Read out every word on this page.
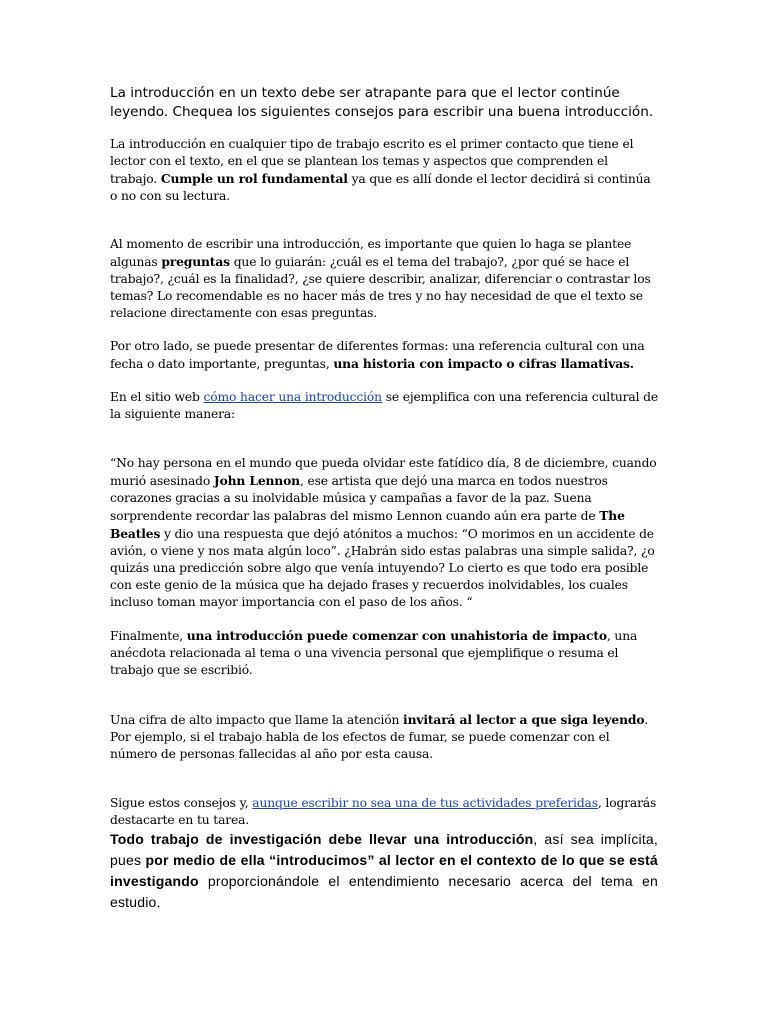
La introducción en un texto debe ser atrapante para que el lector continúe leyendo. Chequea los siguientes consejos para escribir una buena introducción.

La introducción en cualquier tipo de trabajo escrito es el primer contacto que tiene el lector con el texto, en el que se plantean los temas y aspectos que comprenden el trabajo. Cumple un rol fundamental ya que es allí donde el lector decidirá si continúa o no con su lectura.

Al momento de escribir una introducción, es importante que quien lo haga se plantee algunas preguntas que lo guiarán: ¿cuál es el tema del trabajo?, ¿por qué se hace el trabajo?, ¿cuál es la finalidad?, ¿se quiere describir, analizar, diferenciar o contrastar los temas? Lo recomendable es no hacer más de tres y no hay necesidad de que el texto se relacione directamente con esas preguntas.

Por otro lado, se puede presentar de diferentes formas: una referencia cultural con una fecha o dato importante, preguntas, una historia con impacto o cifras llamativas.

En el sitio web cómo hacer una introducción se ejemplifica con una referencia cultural de la siguiente manera:

“No hay persona en el mundo que pueda olvidar este fatídico día, 8 de diciembre, cuando murió asesinado John Lennon, ese artista que dejó una marca en todos nuestros corazones gracias a su inolvidable música y campañas a favor de la paz. Suena sorprendente recordar las palabras del mismo Lennon cuando aún era parte de The Beatles y dio una respuesta que dejó atónitos a muchos: “O morimos en un accidente de avión, o viene y nos mata algún loco”. ¿Habrán sido estas palabras una simple salida?, ¿o quizás una predicción sobre algo que venía intuyendo? Lo cierto es que todo era posible con este genio de la música que ha dejado frases y recuerdos inolvidables, los cuales incluso toman mayor importancia con el paso de los años. “

Finalmente, una introducción puede comenzar con unahistoria de impacto, una anécdota relacionada al tema o una vivencia personal que ejemplifique o resuma el trabajo que se escribió.

Una cifra de alto impacto que llame la atención invitará al lector a que siga leyendo. Por ejemplo, si el trabajo habla de los efectos de fumar, se puede comenzar con el número de personas fallecidas al año por esta causa.

Sigue estos consejos y, aunque escribir no sea una de tus actividades preferidas, lograrás destacarte en tu tarea.

Todo trabajo de investigación debe llevar una introducción, así sea implícita, pues por medio de ella “introducimos” al lector en el contexto de lo que se está investigando proporcionándole el entendimiento necesario acerca del tema en estudio.
